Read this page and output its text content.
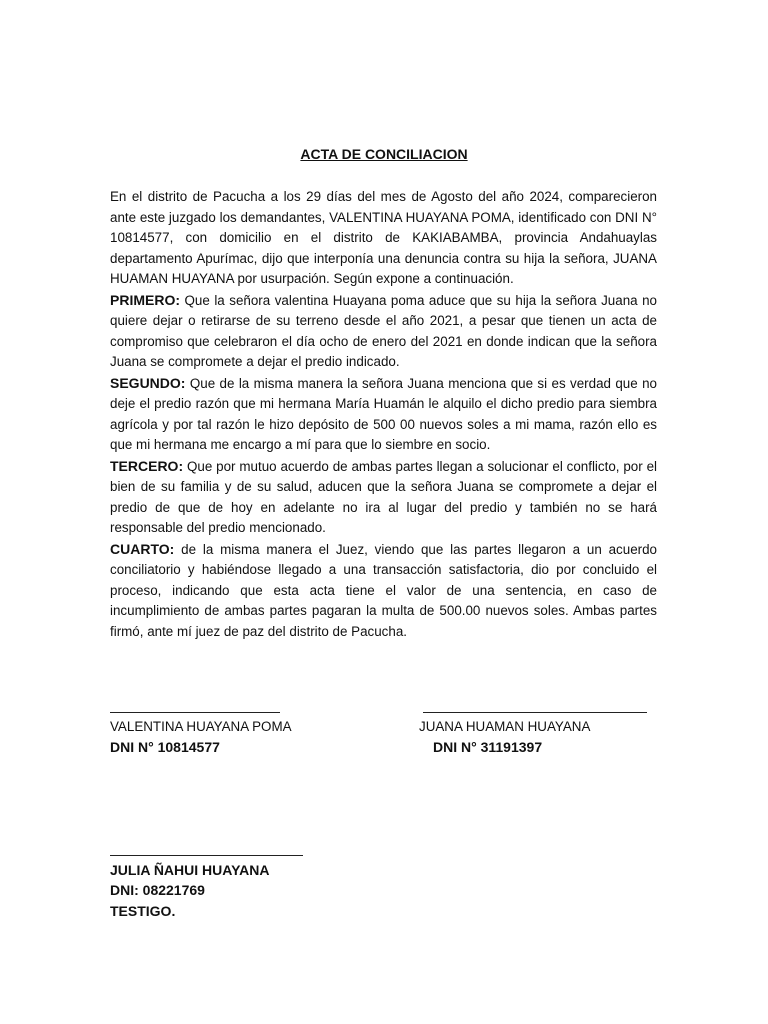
ACTA DE CONCILIACION

En el distrito de Pacucha a los 29 días del mes de Agosto del año 2024, comparecieron ante este juzgado los demandantes, VALENTINA HUAYANA POMA, identificado con DNI N° 10814577, con domicilio en el distrito de KAKIABAMBA, provincia Andahuaylas departamento Apurímac, dijo que interponía una denuncia contra su hija la señora, JUANA HUAMAN HUAYANA por usurpación. Según expone a continuación.

PRIMERO: Que la señora valentina Huayana poma aduce que su hija la señora Juana no quiere dejar o retirarse de su terreno desde el año 2021, a pesar que tienen un acta de compromiso que celebraron el día ocho de enero del 2021 en donde indican que la señora Juana se compromete a dejar el predio indicado.

SEGUNDO: Que de la misma manera la señora Juana menciona que si es verdad que no deje el predio razón que mi hermana María Huamán le alquilo el dicho predio para siembra agrícola y por tal razón le hizo depósito de 500 00 nuevos soles a mi mama, razón ello es que mi hermana me encargo a mí para que lo siembre en socio.

TERCERO: Que por mutuo acuerdo de ambas partes llegan a solucionar el conflicto, por el bien de su familia y de su salud, aducen que la señora Juana se compromete a dejar el predio de que de hoy en adelante no ira al lugar del predio y también no se hará responsable del predio mencionado.

CUARTO: de la misma manera el Juez, viendo que las partes llegaron a un acuerdo conciliatorio y habiéndose llegado a una transacción satisfactoria, dio por concluido el proceso, indicando que esta acta tiene el valor de una sentencia, en caso de incumplimiento de ambas partes pagaran la multa de 500.00 nuevos soles. Ambas partes firmó, ante mí juez de paz del distrito de Pacucha.

VALENTINA HUAYANA POMA
DNI N° 10814577
JUANA HUAMAN HUAYANA
DNI N° 31191397
JULIA ÑAHUI HUAYANA
DNI: 08221769
TESTIGO.
